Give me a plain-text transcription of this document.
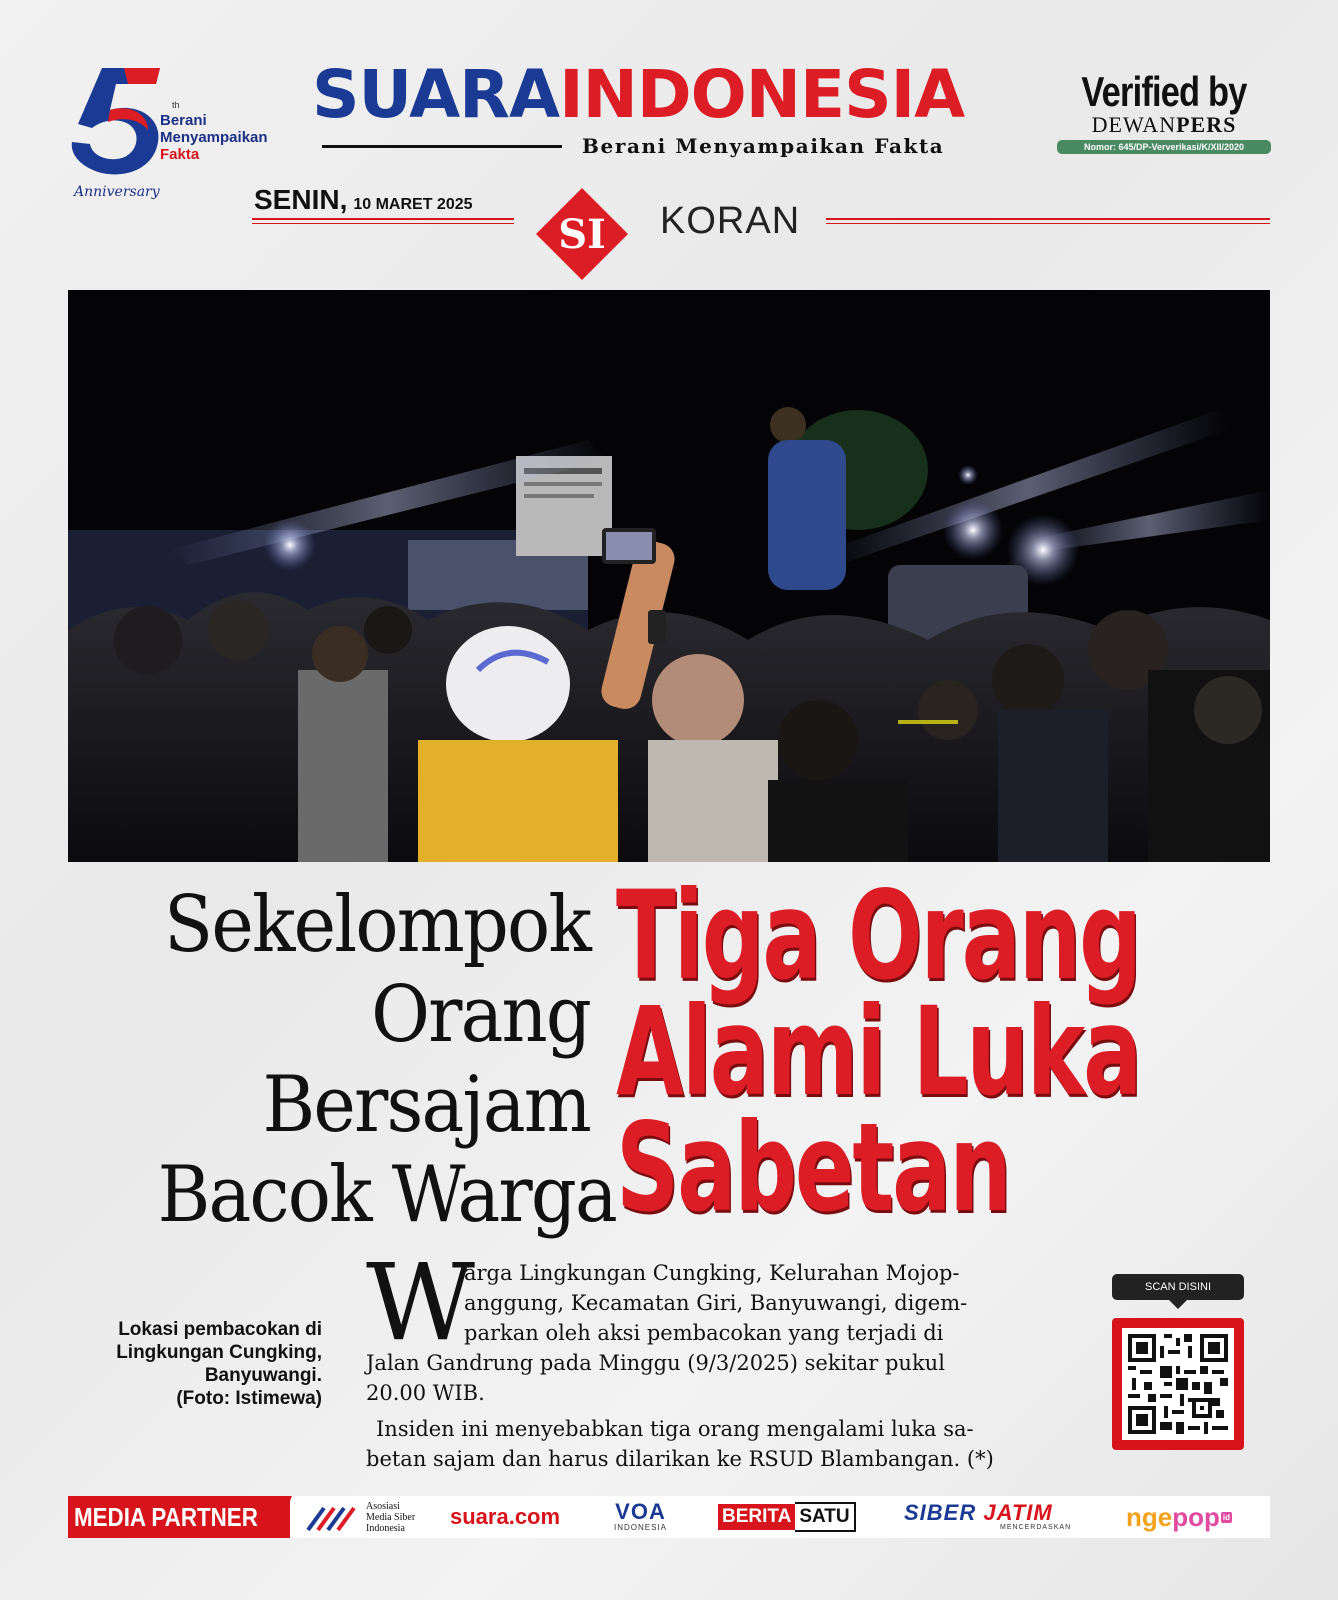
th
Berani
Menyampaikan
Fakta
Anniversary
SUARAINDONESIA
Berani Menyampaikan Fakta
Verified by
DEWANPERS
Nomor: 645/DP-Ververikasi/K/XII/2020
SENIN, 10 MARET 2025
SI KORAN
Sekelompok
Orang
Bersajam
Bacok Warga
Tiga Orang
Alami Luka
Sabetan
Lokasi pembacokan di
Lingkungan Cungking,
Banyuwangi.
(Foto: Istimewa)
W
arga Lingkungan Cungking, Kelurahan Mojop-
anggung, Kecamatan Giri, Banyuwangi, digem-
parkan oleh aksi pembacokan yang terjadi di
Jalan Gandrung pada Minggu (9/3/2025) sekitar pukul
20.00 WIB.
Insiden ini menyebabkan tiga orang mengalami luka sa-
betan sajam dan harus dilarikan ke RSUD Blambangan. (*)
SCAN DISINI
MEDIA PARTNER	Asosiasi
Media Siber
Indonesia	suara.com	VOA
INDONESIA
BERITA SATU SIBER JATIM
MENCERDASKAN nge pop id
